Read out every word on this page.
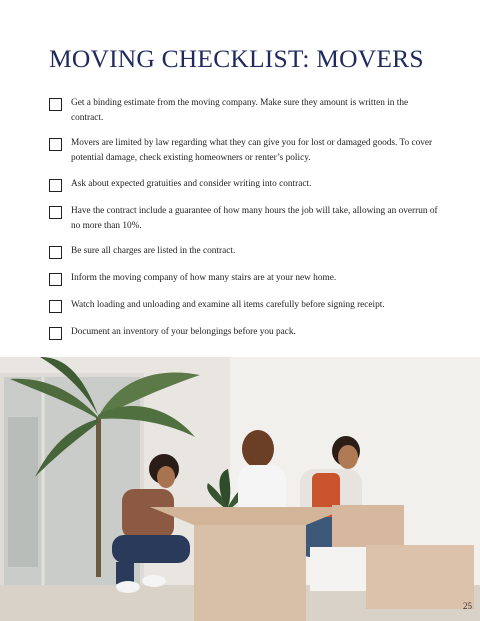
MOVING CHECKLIST: MOVERS
Get a binding estimate from the moving company. Make sure they amount is written in the contract.
Movers are limited by law regarding what they can give you for lost or damaged goods. To cover potential damage, check existing homeowners or renter’s policy.
Ask about expected gratuities and consider writing into contract.
Have the contract include a guarantee of how many hours the job will take, allowing an overrun of no more than 10%.
Be sure all charges are listed in the contract.
Inform the moving company of how many stairs are at your new home.
Watch loading and unloading and examine all items carefully before signing receipt.
Document an inventory of your belongings before you pack.
25
